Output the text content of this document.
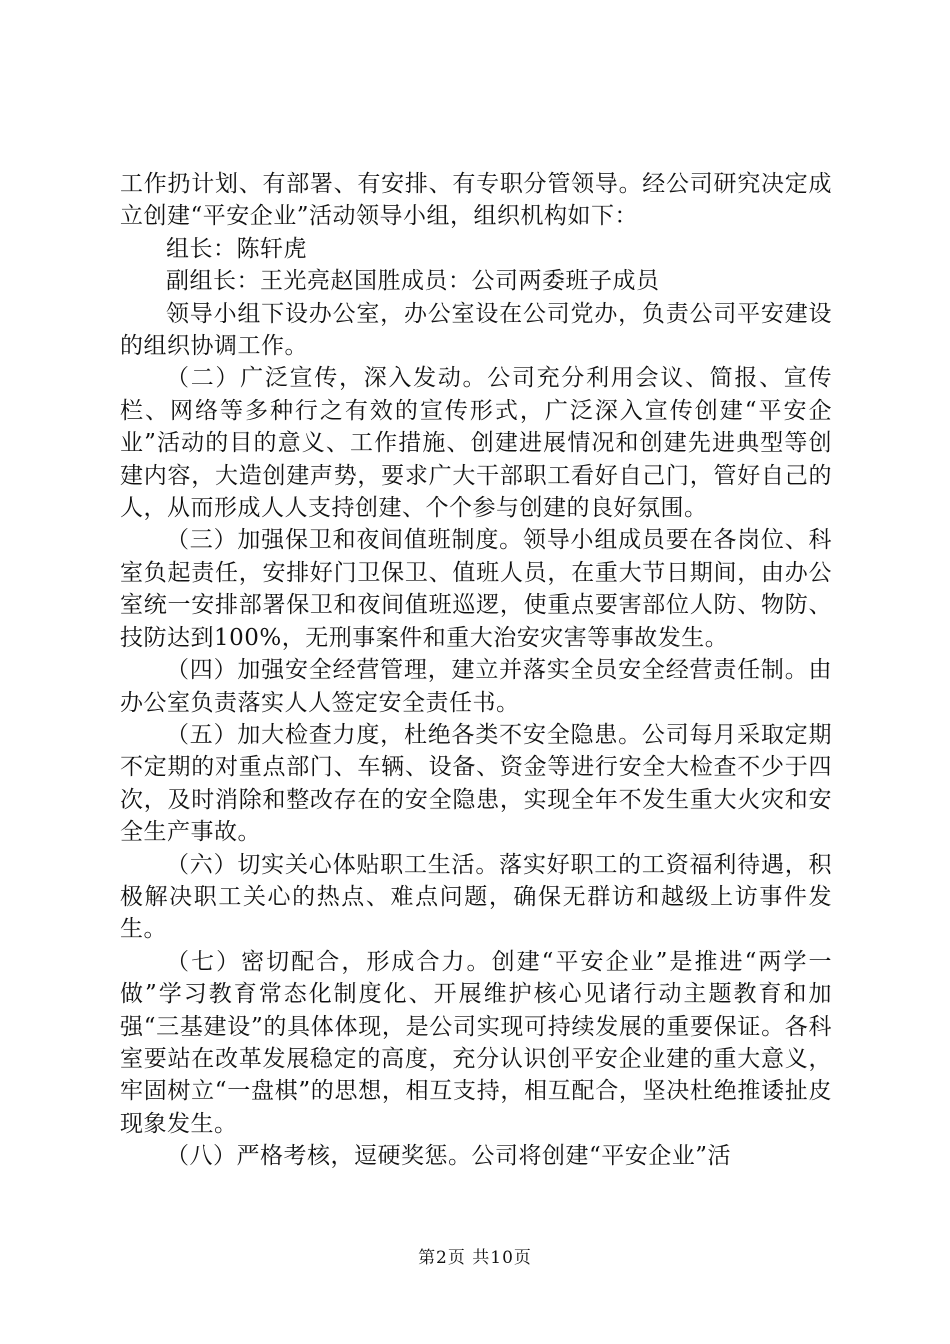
工作扔计划、有部署、有安排、有专职分管领导。经公司研究决定成立创建“平安企业”活动领导小组，组织机构如下：

组长：陈轩虎

副组长：王光亮赵国胜成员：公司两委班子成员

领导小组下设办公室，办公室设在公司党办，负责公司平安建设的组织协调工作。

（二）广泛宣传，深入发动。公司充分利用会议、简报、宣传栏、网络等多种行之有效的宣传形式，广泛深入宣传创建“平安企业”活动的目的意义、工作措施、创建进展情况和创建先进典型等创建内容，大造创建声势，要求广大干部职工看好自己门，管好自己的人，从而形成人人支持创建、个个参与创建的良好氛围。

（三）加强保卫和夜间值班制度。领导小组成员要在各岗位、科室负起责任，安排好门卫保卫、值班人员，在重大节日期间，由办公室统一安排部署保卫和夜间值班巡逻，使重点要害部位人防、物防、技防达到100%，无刑事案件和重大治安灾害等事故发生。

（四）加强安全经营管理，建立并落实全员安全经营责任制。由办公室负责落实人人签定安全责任书。

（五）加大检查力度，杜绝各类不安全隐患。公司每月采取定期不定期的对重点部门、车辆、设备、资金等进行安全大检查不少于四次，及时消除和整改存在的安全隐患，实现全年不发生重大火灾和安全生产事故。

（六）切实关心体贴职工生活。落实好职工的工资福利待遇，积极解决职工关心的热点、难点问题，确保无群访和越级上访事件发生。

（七）密切配合，形成合力。创建“平安企业”是推进“两学一做”学习教育常态化制度化、开展维护核心见诸行动主题教育和加强“三基建设”的具体体现，是公司实现可持续发展的重要保证。各科室要站在改革发展稳定的高度，充分认识创平安企业建的重大意义，牢固树立“一盘棋”的思想，相互支持，相互配合，坚决杜绝推诿扯皮现象发生。

（八）严格考核，逗硬奖惩。公司将创建“平安企业”活

第2页 共10页
